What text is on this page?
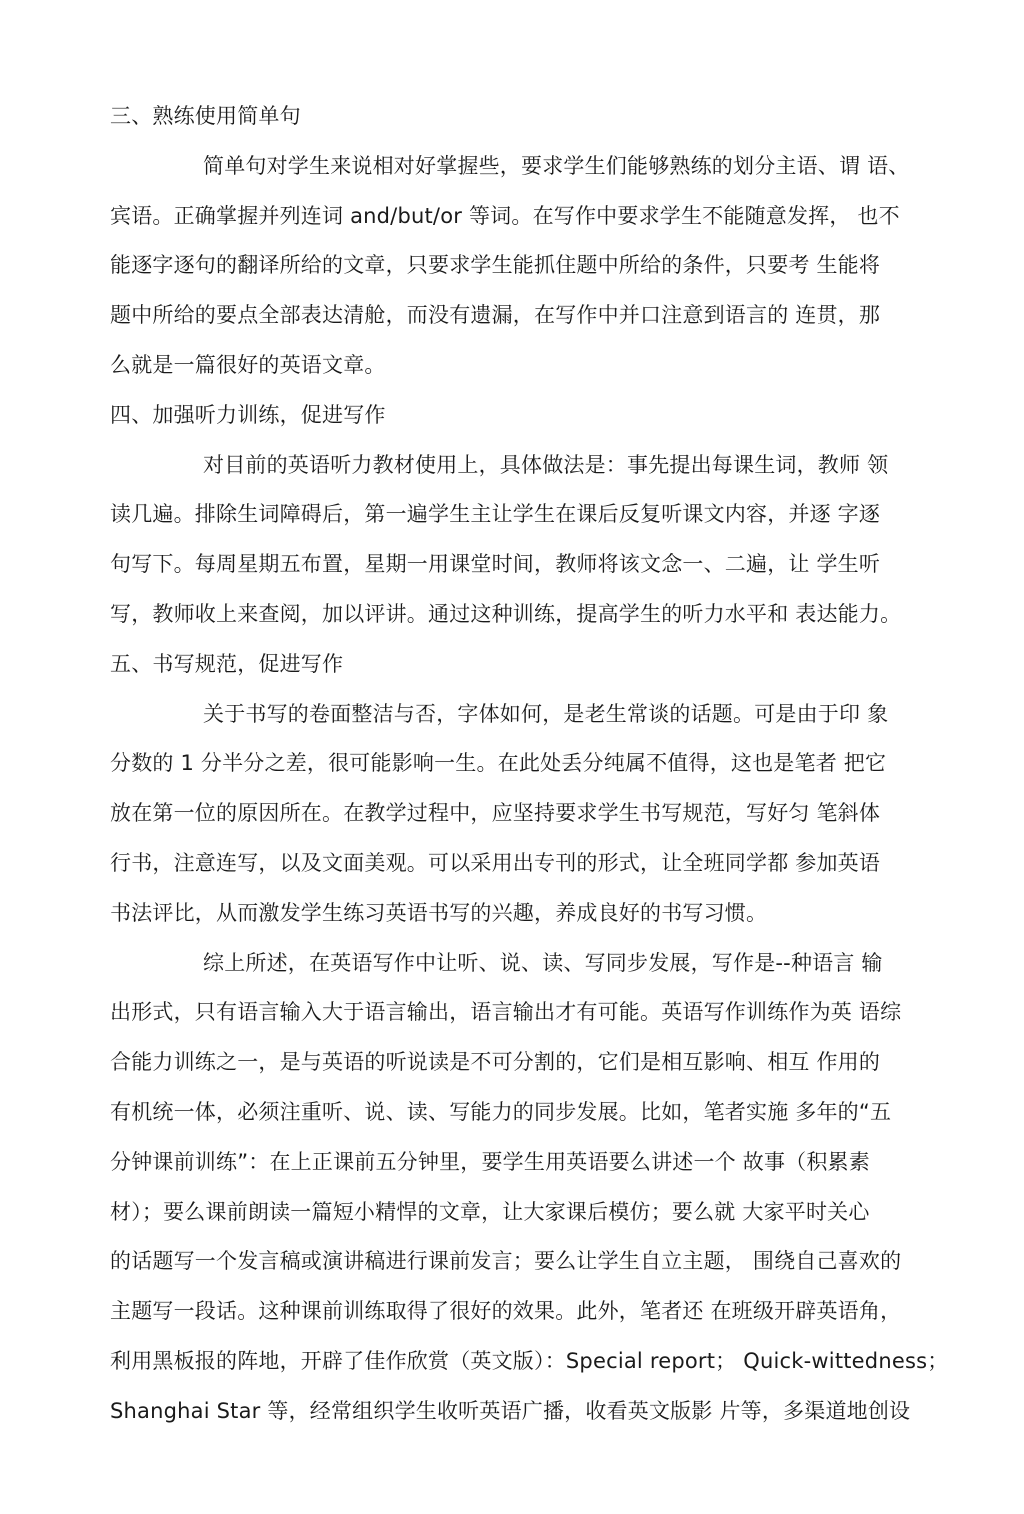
三、熟练使用简单句
简单句对学生来说相对好掌握些，要求学生们能够熟练的划分主语、谓 语、
宾语。正确掌握并列连词 and/but/or 等词。在写作中要求学生不能随意发挥， 也不
能逐字逐句的翻译所给的文章，只要求学生能抓住题中所给的条件，只要考 生能将
题中所给的要点全部表达清舱，而没有遗漏，在写作中并口注意到语言的 连贯，那
么就是一篇很好的英语文章。
四、加强听力训练，促进写作
对目前的英语听力教材使用上，具体做法是：事先提出每课生词，教师 领
读几遍。排除生词障碍后，第一遍学生主让学生在课后反复听课文内容，并逐 字逐
句写下。每周星期五布置，星期一用课堂时间，教师将该文念一、二遍，让 学生听
写，教师收上来查阅，加以评讲。通过这种训练，提高学生的听力水平和 表达能力。
五、书写规范，促进写作
关于书写的卷面整洁与否，字体如何，是老生常谈的话题。可是由于印 象
分数的 1 分半分之差，很可能影响一生。在此处丢分纯属不值得，这也是笔者 把它
放在第一位的原因所在。在教学过程中，应坚持要求学生书写规范，写好匀 笔斜体
行书，注意连写，以及文面美观。可以采用出专刊的形式，让全班同学都 参加英语
书法评比，从而激发学生练习英语书写的兴趣，养成良好的书写习惯。
综上所述，在英语写作中让听、说、读、写同步发展，写作是--种语言 输
出形式，只有语言输入大于语言输出，语言输出才有可能。英语写作训练作为英 语综
合能力训练之一，是与英语的听说读是不可分割的，它们是相互影响、相互 作用的
有机统一体，必须注重听、说、读、写能力的同步发展。比如，笔者实施 多年的“五
分钟课前训练”：在上正课前五分钟里，要学生用英语要么讲述一个 故事（积累素
材）；要么课前朗读一篇短小精悍的文章，让大家课后模仿；要么就 大家平时关心
的话题写一个发言稿或演讲稿进行课前发言；要么让学生自立主题， 围绕自己喜欢的
主题写一段话。这种课前训练取得了很好的效果。此外，笔者还 在班级开辟英语角，
利用黑板报的阵地，开辟了佳作欣赏（英文版）：Special report； Quick-wittedness；
Shanghai Star 等，经常组织学生收听英语广播，收看英文版影 片等，多渠道地创设
